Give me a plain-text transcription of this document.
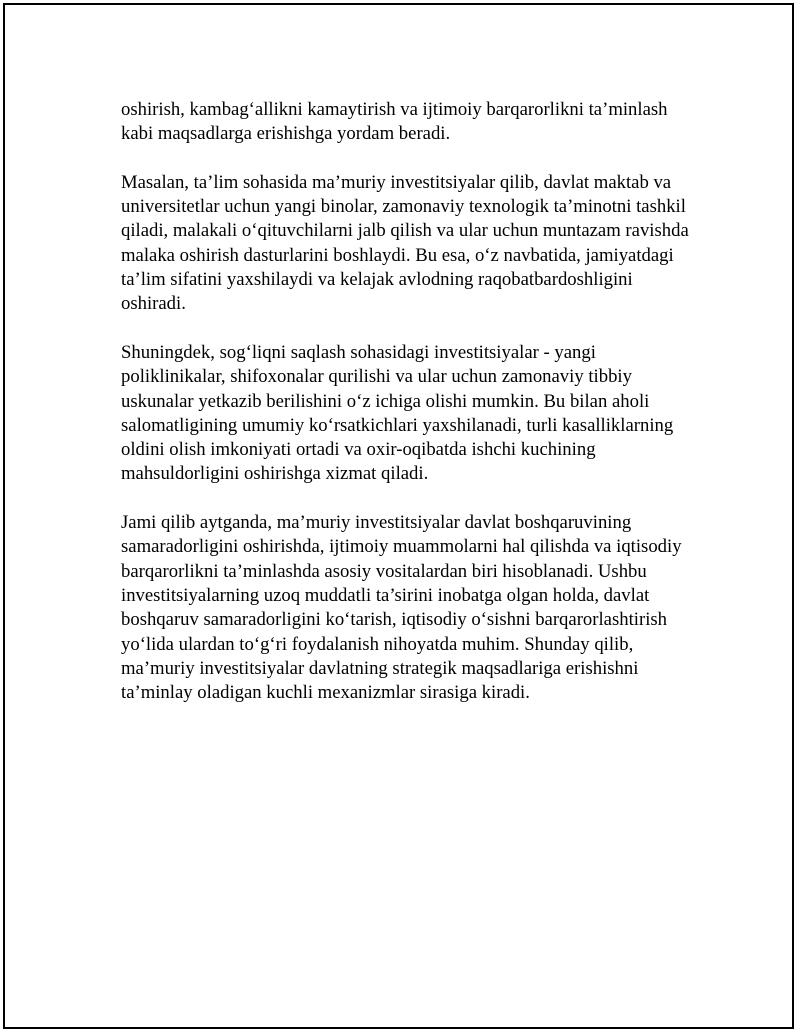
oshirish, kambag‘allikni kamaytirish va ijtimoiy barqarorlikni ta’minlash
kabi maqsadlarga erishishga yordam beradi.

Masalan, ta’lim sohasida ma’muriy investitsiyalar qilib, davlat maktab va
universitetlar uchun yangi binolar, zamonaviy texnologik ta’minotni tashkil
qiladi, malakali o‘qituvchilarni jalb qilish va ular uchun muntazam ravishda
malaka oshirish dasturlarini boshlaydi. Bu esa, o‘z navbatida, jamiyatdagi
ta’lim sifatini yaxshilaydi va kelajak avlodning raqobatbardoshligini
oshiradi.

Shuningdek, sog‘liqni saqlash sohasidagi investitsiyalar - yangi
poliklinikalar, shifoxonalar qurilishi va ular uchun zamonaviy tibbiy
uskunalar yetkazib berilishini o‘z ichiga olishi mumkin. Bu bilan aholi
salomatligining umumiy ko‘rsatkichlari yaxshilanadi, turli kasalliklarning
oldini olish imkoniyati ortadi va oxir-oqibatda ishchi kuchining
mahsuldorligini oshirishga xizmat qiladi.

Jami qilib aytganda, ma’muriy investitsiyalar davlat boshqaruvining
samaradorligini oshirishda, ijtimoiy muammolarni hal qilishda va iqtisodiy
barqarorlikni ta’minlashda asosiy vositalardan biri hisoblanadi. Ushbu
investitsiyalarning uzoq muddatli ta’sirini inobatga olgan holda, davlat
boshqaruv samaradorligini ko‘tarish, iqtisodiy o‘sishni barqarorlashtirish
yo‘lida ulardan to‘g‘ri foydalanish nihoyatda muhim. Shunday qilib,
ma’muriy investitsiyalar davlatning strategik maqsadlariga erishishni
ta’minlay oladigan kuchli mexanizmlar sirasiga kiradi.
